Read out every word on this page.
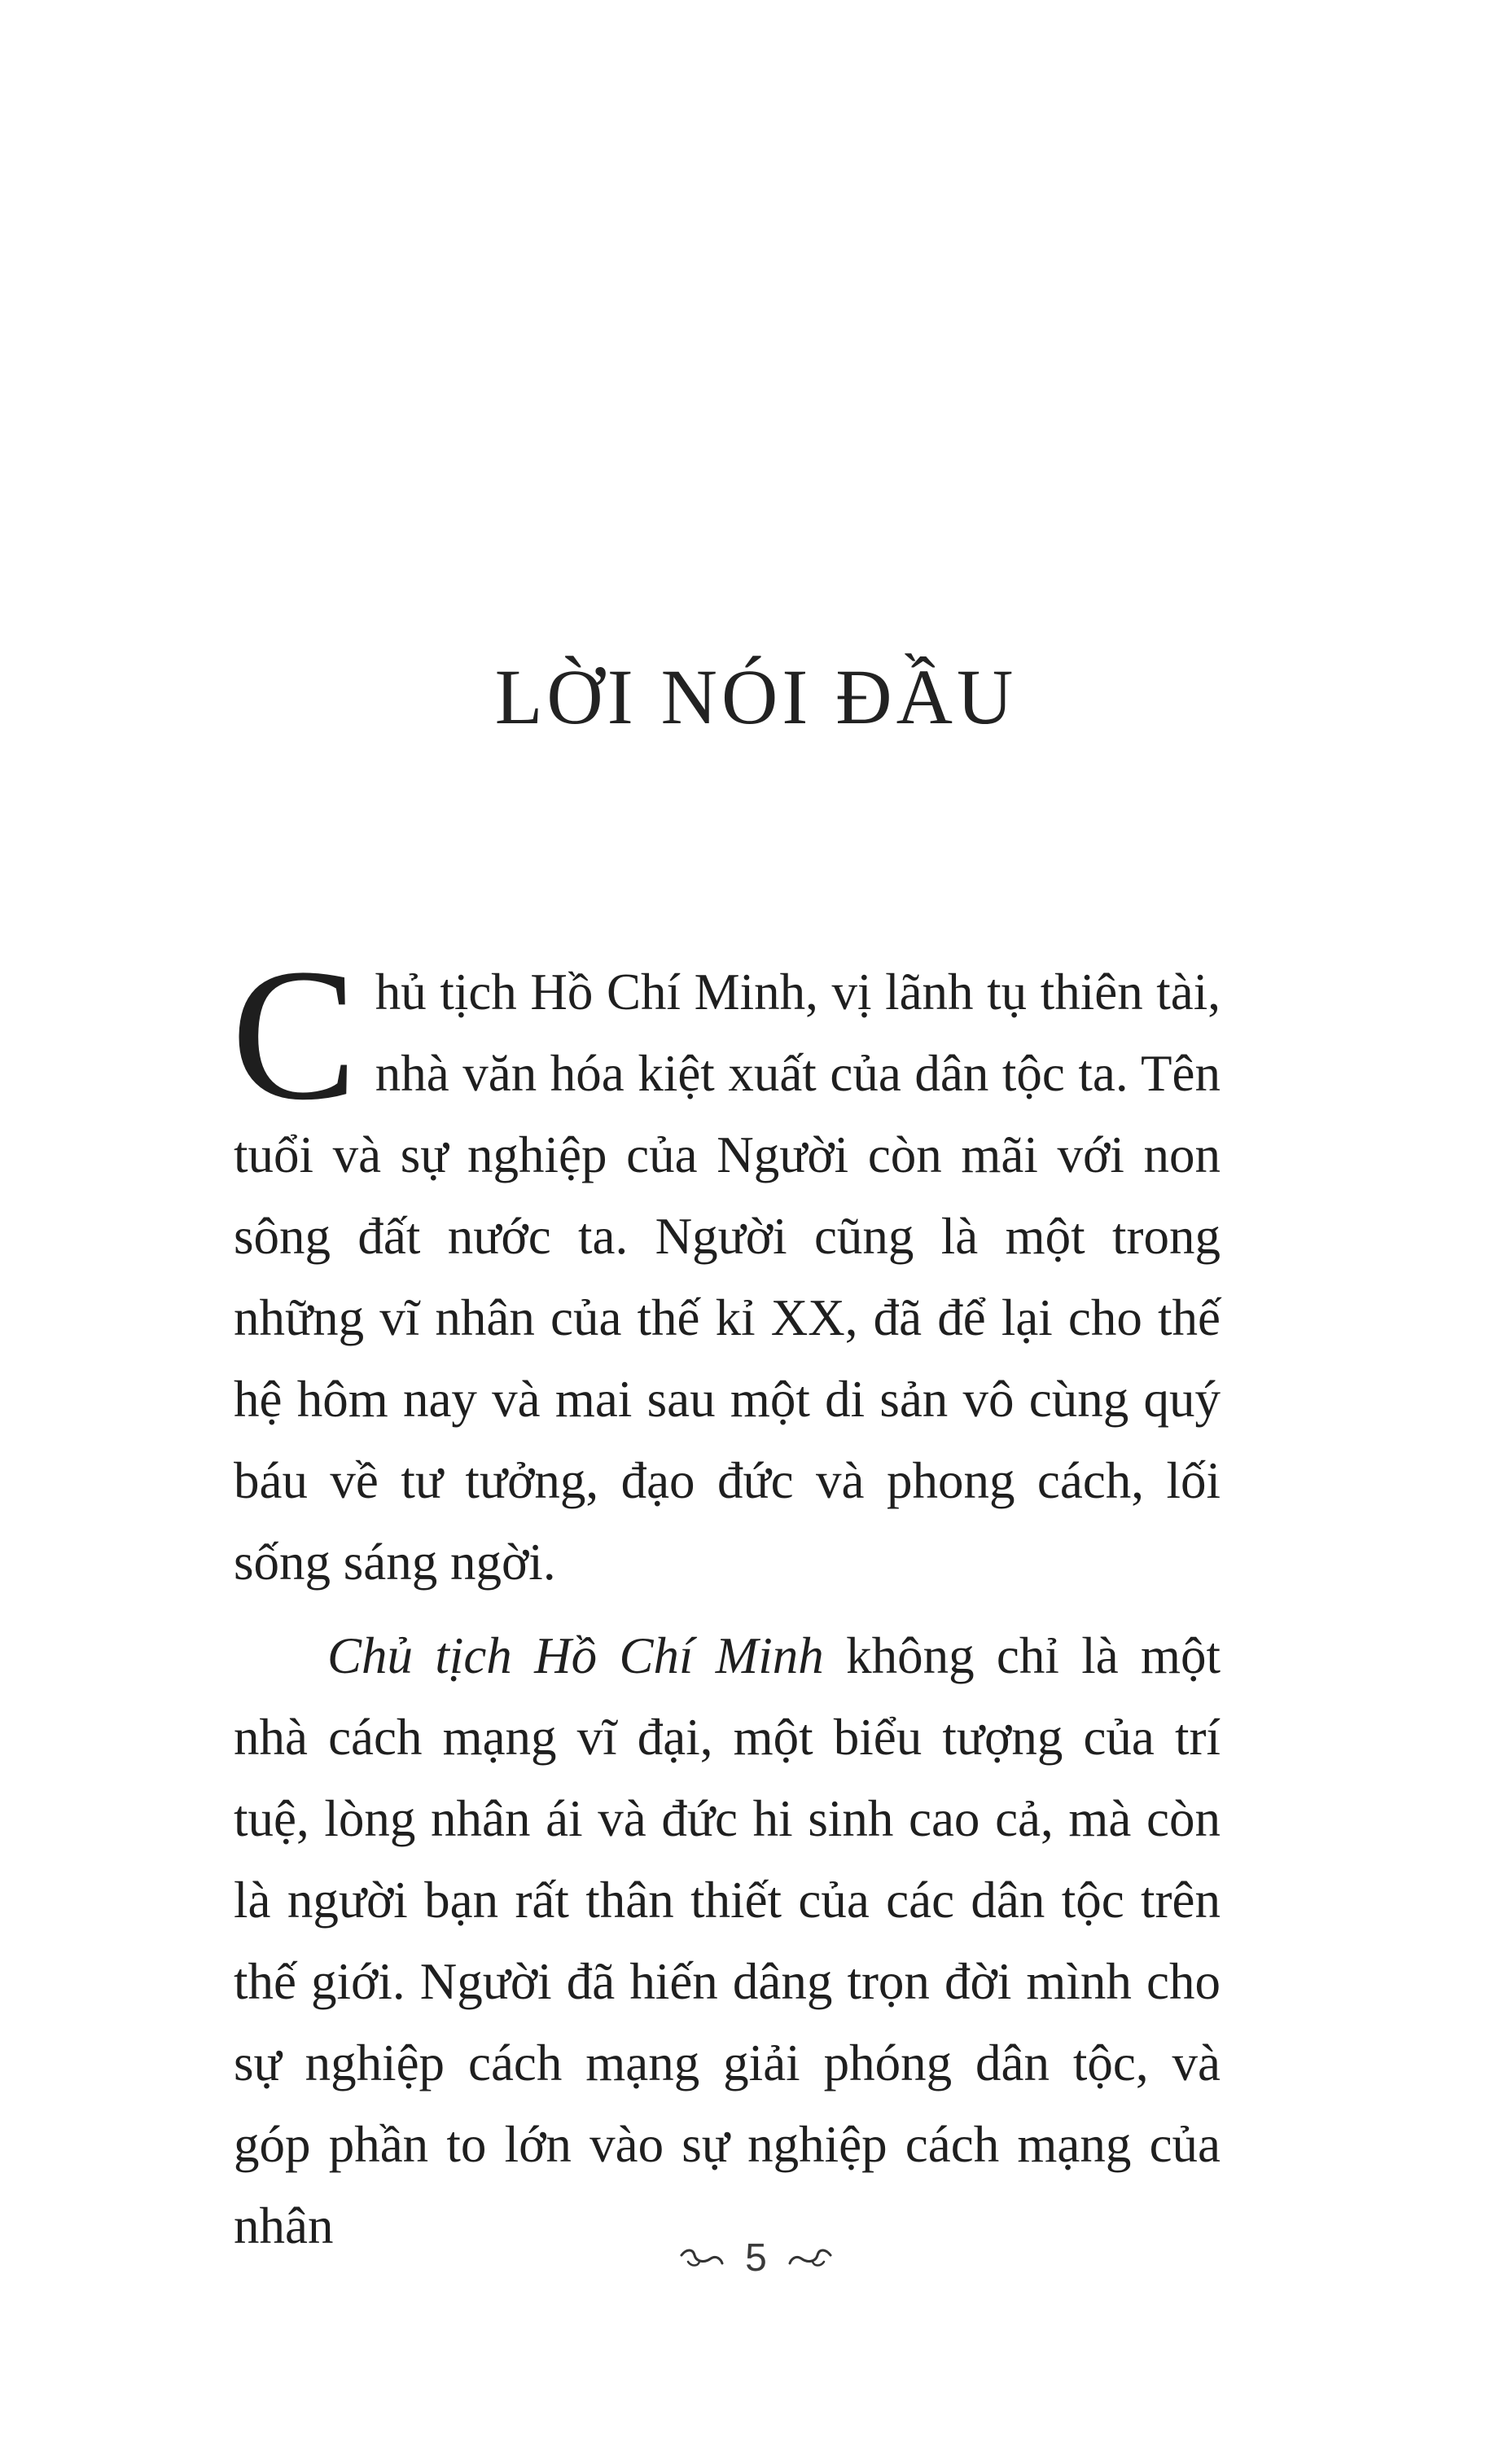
LỜI NÓI ĐẦU

Chủ tịch Hồ Chí Minh, vị lãnh tụ thiên tài, nhà văn hóa kiệt xuất của dân tộc ta. Tên tuổi và sự nghiệp của Người còn mãi với non sông đất nước ta. Người cũng là một trong những vĩ nhân của thế kỉ XX, đã để lại cho thế hệ hôm nay và mai sau một di sản vô cùng quý báu về tư tưởng, đạo đức và phong cách, lối sống sáng ngời.

Chủ tịch Hồ Chí Minh không chỉ là một nhà cách mạng vĩ đại, một biểu tượng của trí tuệ, lòng nhân ái và đức hi sinh cao cả, mà còn là người bạn rất thân thiết của các dân tộc trên thế giới. Người đã hiến dâng trọn đời mình cho sự nghiệp cách mạng giải phóng dân tộc, và góp phần to lớn vào sự nghiệp cách mạng của nhân

5
